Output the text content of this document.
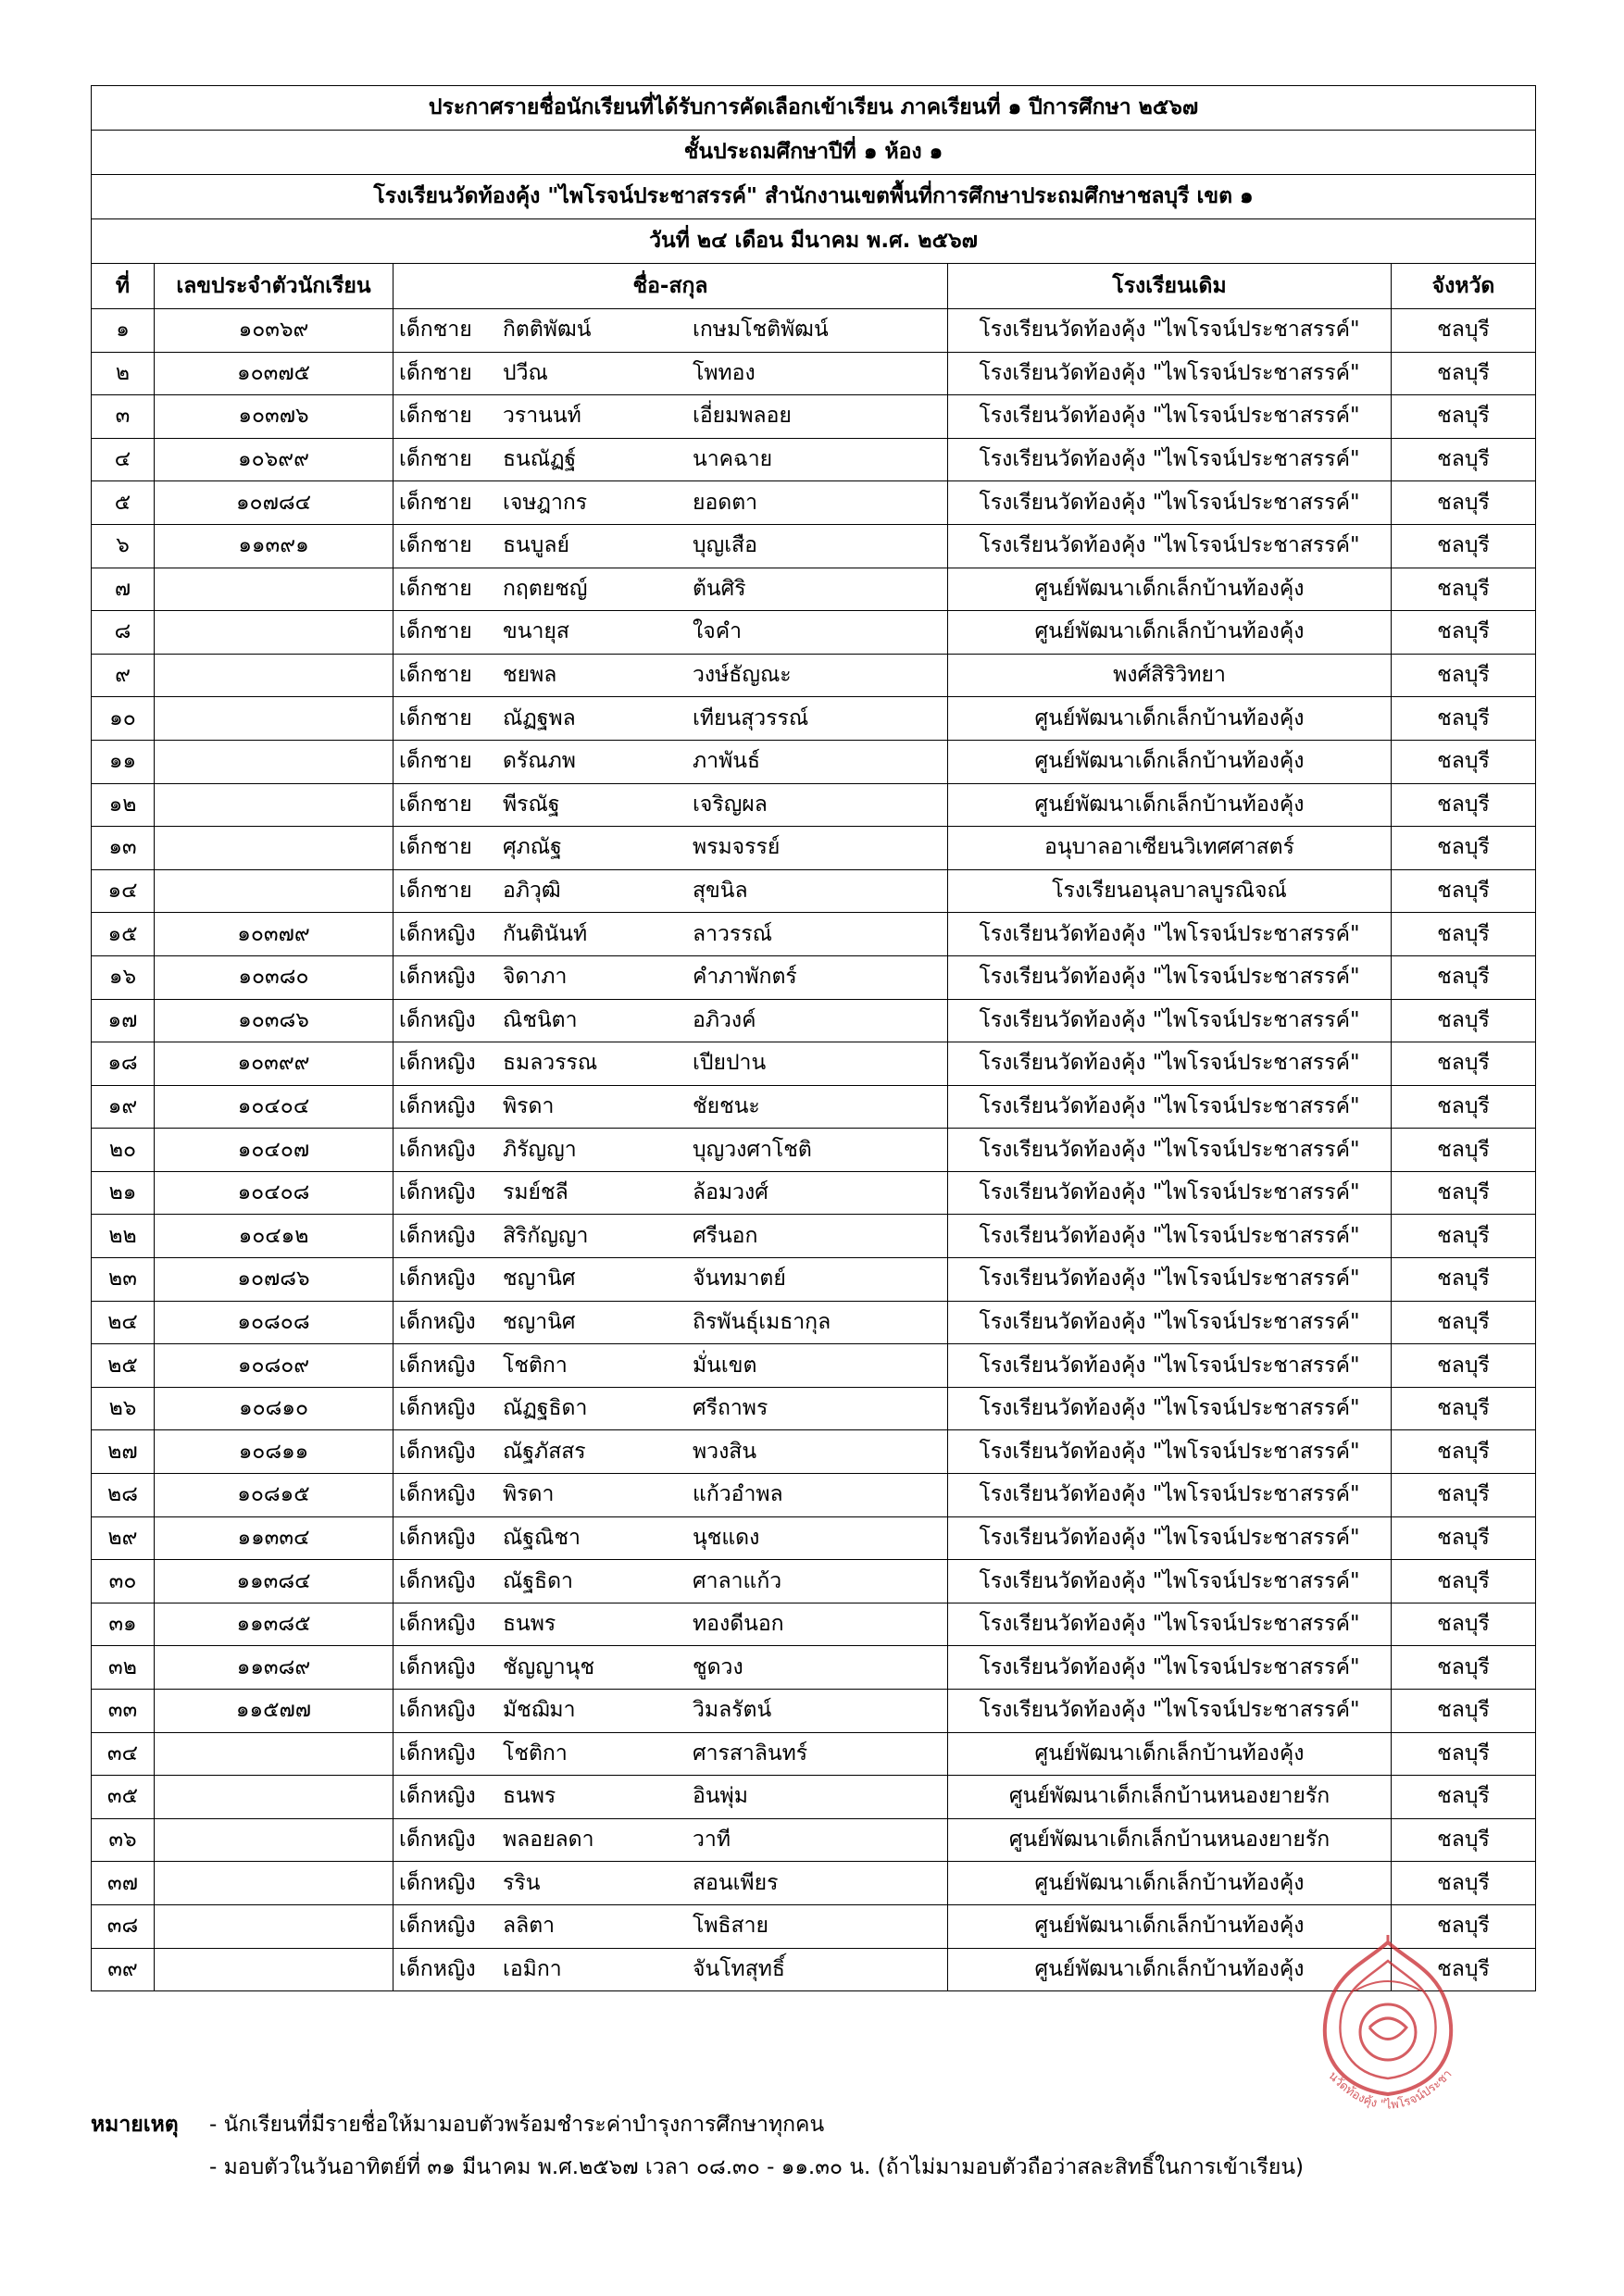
ประกาศรายชื่อนักเรียนที่ได้รับการคัดเลือกเข้าเรียน ภาคเรียนที่ ๑ ปีการศึกษา ๒๕๖๗				
ชั้นประถมศึกษาปีที่ ๑ ห้อง ๑				
โรงเรียนวัดท้องคุ้ง "ไพโรจน์ประชาสรรค์" สำนักงานเขตพื้นที่การศึกษาประถมศึกษาชลบุรี เขต ๑				
วันที่ ๒๔ เดือน มีนาคม พ.ศ. ๒๕๖๗				
ที่	เลขประจำตัวนักเรียน	ชื่อ-สกุล	โรงเรียนเดิม	จังหวัด
๑	๑๐๓๖๙	เด็กชาย กิตติพัฒน์ เกษมโชติพัฒน์	โรงเรียนวัดท้องคุ้ง "ไพโรจน์ประชาสรรค์"	ชลบุรี
๒	๑๐๓๗๕	เด็กชาย ปวีณ โพทอง	โรงเรียนวัดท้องคุ้ง "ไพโรจน์ประชาสรรค์"	ชลบุรี
๓	๑๐๓๗๖	เด็กชาย วรานนท์ เอี่ยมพลอย	โรงเรียนวัดท้องคุ้ง "ไพโรจน์ประชาสรรค์"	ชลบุรี
๔	๑๐๖๙๙	เด็กชาย ธนณัฏฐ์ นาคฉาย	โรงเรียนวัดท้องคุ้ง "ไพโรจน์ประชาสรรค์"	ชลบุรี
๕	๑๐๗๘๔	เด็กชาย เจษฎากร ยอดตา	โรงเรียนวัดท้องคุ้ง "ไพโรจน์ประชาสรรค์"	ชลบุรี
๖	๑๑๓๙๑	เด็กชาย ธนบูลย์ บุญเสือ	โรงเรียนวัดท้องคุ้ง "ไพโรจน์ประชาสรรค์"	ชลบุรี
๗		เด็กชาย กฤตยชญ์ ต้นศิริ	ศูนย์พัฒนาเด็กเล็กบ้านท้องคุ้ง	ชลบุรี
๘		เด็กชาย ขนายุส ใจคำ	ศูนย์พัฒนาเด็กเล็กบ้านท้องคุ้ง	ชลบุรี
๙		เด็กชาย ชยพล วงษ์ธัญณะ	พงศ์สิริวิทยา	ชลบุรี
๑๐		เด็กชาย ณัฏฐพล เทียนสุวรรณ์	ศูนย์พัฒนาเด็กเล็กบ้านท้องคุ้ง	ชลบุรี
๑๑		เด็กชาย ดรัณภพ ภาพันธ์	ศูนย์พัฒนาเด็กเล็กบ้านท้องคุ้ง	ชลบุรี
๑๒		เด็กชาย พีรณัฐ เจริญผล	ศูนย์พัฒนาเด็กเล็กบ้านท้องคุ้ง	ชลบุรี
๑๓		เด็กชาย ศุภณัฐ พรมจรรย์	อนุบาลอาเซียนวิเทศศาสตร์	ชลบุรี
๑๔		เด็กชาย อภิวุฒิ สุขนิล	โรงเรียนอนุลบาลบูรณิจณ์	ชลบุรี
๑๕	๑๐๓๗๙	เด็กหญิง กันตินันท์ ลาวรรณ์	โรงเรียนวัดท้องคุ้ง "ไพโรจน์ประชาสรรค์"	ชลบุรี
๑๖	๑๐๓๘๐	เด็กหญิง จิดาภา คำภาพักตร์	โรงเรียนวัดท้องคุ้ง "ไพโรจน์ประชาสรรค์"	ชลบุรี
๑๗	๑๐๓๘๖	เด็กหญิง ณิชนิตา อภิวงค์	โรงเรียนวัดท้องคุ้ง "ไพโรจน์ประชาสรรค์"	ชลบุรี
๑๘	๑๐๓๙๙	เด็กหญิง ธมลวรรณ เปียปาน	โรงเรียนวัดท้องคุ้ง "ไพโรจน์ประชาสรรค์"	ชลบุรี
๑๙	๑๐๔๐๔	เด็กหญิง พิรดา ชัยชนะ	โรงเรียนวัดท้องคุ้ง "ไพโรจน์ประชาสรรค์"	ชลบุรี
๒๐	๑๐๔๐๗	เด็กหญิง ภิรัญญา บุญวงศาโชติ	โรงเรียนวัดท้องคุ้ง "ไพโรจน์ประชาสรรค์"	ชลบุรี
๒๑	๑๐๔๐๘	เด็กหญิง รมย์ชลี ล้อมวงศ์	โรงเรียนวัดท้องคุ้ง "ไพโรจน์ประชาสรรค์"	ชลบุรี
๒๒	๑๐๔๑๒	เด็กหญิง สิริกัญญา ศรีนอก	โรงเรียนวัดท้องคุ้ง "ไพโรจน์ประชาสรรค์"	ชลบุรี
๒๓	๑๐๗๘๖	เด็กหญิง ชญานิศ จันทมาตย์	โรงเรียนวัดท้องคุ้ง "ไพโรจน์ประชาสรรค์"	ชลบุรี
๒๔	๑๐๘๐๘	เด็กหญิง ชญานิศ ถิรพันธุ์เมธากุล	โรงเรียนวัดท้องคุ้ง "ไพโรจน์ประชาสรรค์"	ชลบุรี
๒๕	๑๐๘๐๙	เด็กหญิง โชติกา มั่นเขต	โรงเรียนวัดท้องคุ้ง "ไพโรจน์ประชาสรรค์"	ชลบุรี
๒๖	๑๐๘๑๐	เด็กหญิง ณัฏฐธิดา ศรีถาพร	โรงเรียนวัดท้องคุ้ง "ไพโรจน์ประชาสรรค์"	ชลบุรี
๒๗	๑๐๘๑๑	เด็กหญิง ณัฐภัสสร พวงสิน	โรงเรียนวัดท้องคุ้ง "ไพโรจน์ประชาสรรค์"	ชลบุรี
๒๘	๑๐๘๑๕	เด็กหญิง พิรดา แก้วอำพล	โรงเรียนวัดท้องคุ้ง "ไพโรจน์ประชาสรรค์"	ชลบุรี
๒๙	๑๑๓๓๔	เด็กหญิง ณัฐณิชา นุชแดง	โรงเรียนวัดท้องคุ้ง "ไพโรจน์ประชาสรรค์"	ชลบุรี
๓๐	๑๑๓๘๔	เด็กหญิง ณัฐธิดา ศาลาแก้ว	โรงเรียนวัดท้องคุ้ง "ไพโรจน์ประชาสรรค์"	ชลบุรี
๓๑	๑๑๓๘๕	เด็กหญิง ธนพร ทองดีนอก	โรงเรียนวัดท้องคุ้ง "ไพโรจน์ประชาสรรค์"	ชลบุรี
๓๒	๑๑๓๘๙	เด็กหญิง ชัญญานุช ชูดวง	โรงเรียนวัดท้องคุ้ง "ไพโรจน์ประชาสรรค์"	ชลบุรี
๓๓	๑๑๕๗๗	เด็กหญิง มัชฌิมา วิมลรัตน์	โรงเรียนวัดท้องคุ้ง "ไพโรจน์ประชาสรรค์"	ชลบุรี
๓๔		เด็กหญิง โชติกา ศารสาลินทร์	ศูนย์พัฒนาเด็กเล็กบ้านท้องคุ้ง	ชลบุรี
๓๕		เด็กหญิง ธนพร อินพุ่ม	ศูนย์พัฒนาเด็กเล็กบ้านหนองยายรัก	ชลบุรี
๓๖		เด็กหญิง พลอยลดา วาที	ศูนย์พัฒนาเด็กเล็กบ้านหนองยายรัก	ชลบุรี
๓๗		เด็กหญิง รริน สอนเพียร	ศูนย์พัฒนาเด็กเล็กบ้านท้องคุ้ง	ชลบุรี
๓๘		เด็กหญิง ลลิตา โพธิสาย	ศูนย์พัฒนาเด็กเล็กบ้านท้องคุ้ง	ชลบุรี
๓๙		เด็กหญิง เอมิกา จันโทสุทธิ์	ศูนย์พัฒนาเด็กเล็กบ้านท้องคุ้ง	ชลบุรี
หมายเหตุ	- นักเรียนที่มีรายชื่อให้มามอบตัวพร้อมชำระค่าบำรุงการศึกษาทุกคน
- มอบตัวในวันอาทิตย์ที่ ๓๑ มีนาคม พ.ศ.๒๕๖๗ เวลา ๐๘.๓๐ - ๑๑.๓๐ น. (ถ้าไม่มามอบตัวถือว่าสละสิทธิ์ในการเข้าเรียน)
นวัดท้องคุ้ง "ไพโรจน์ประชา
